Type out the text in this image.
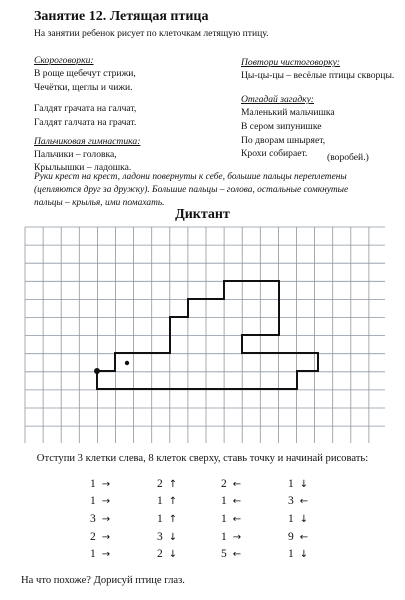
Занятие 12. Летящая птица
На занятии ребенок рисует по клеточкам летящую птицу.
Скороговорки:
В роще щебечут стрижи,
Чечётки, щеглы и чижи.
Галдят грачата на галчат,
Галдят галчата на грачат.
Повтори чистоговорку:
Цы-цы-цы – весёлые птицы скворцы.
Отгадай загадку:
Маленький мальчишка
В сером зипунишке
По дворам шныряет,
Крохи собирает. (воробей.)
Пальчиковая гимнастика:
Пальчики – головка,
Крыльышки – ладошка.
Руки крест на крест, ладони повернуты к себе, большие пальцы переплетены
(цепляются друг за дружку). Большие пальцы – голова, остальные сомкнутые
пальцы – крылья, ими помахать.
Диктант
Отступи 3 клетки слева, 8 клеток сверху, ставь точку и начинай рисовать:
1 →
1 →
3 →
2 →
1 →
2 ↑
1 ↑
1 ↑
3 ↓
2 ↓
2 ←
1 ←
1 ←
1 →
5 ←
1 ↓
3 ←
1 ↓
9 ←
1 ↓
На что похоже? Дорисуй птице глаз.
